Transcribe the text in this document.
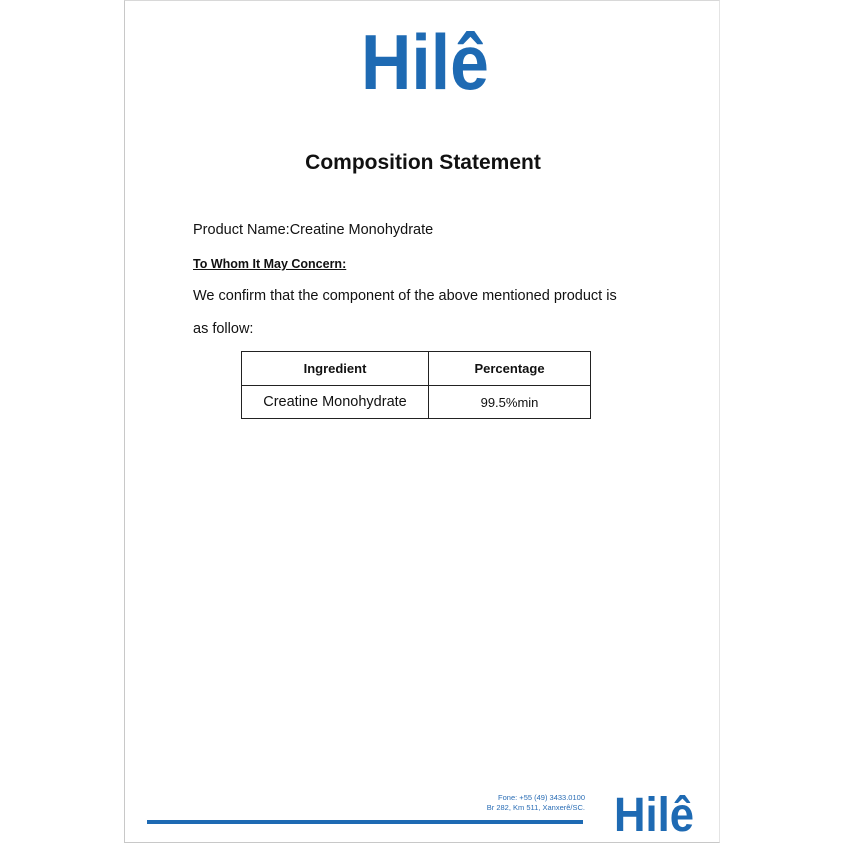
Hilê
Composition Statement
Product Name:Creatine Monohydrate
To Whom It May Concern:
We confirm that the component of the above mentioned product is
as follow:
Ingredient	Percentage
Creatine Monohydrate	99.5%min
Fone: +55 (49) 3433.0100
Br 282, Km 511, Xanxerê/SC. Hilê
